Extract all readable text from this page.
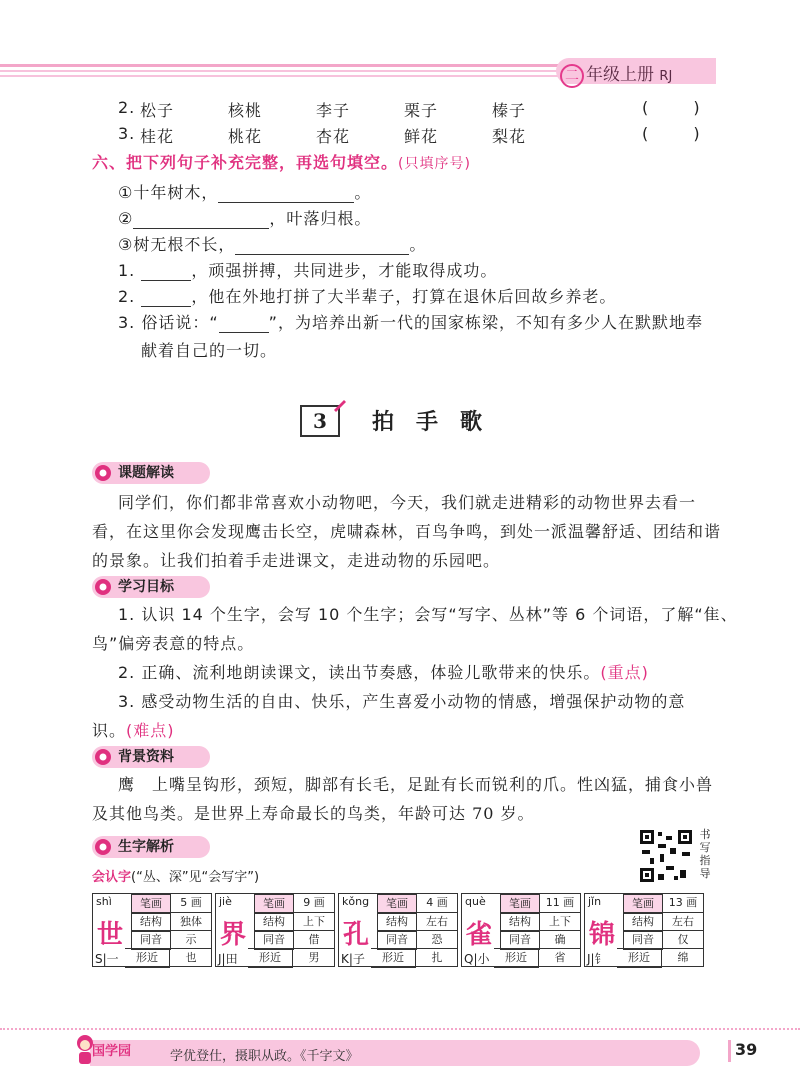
二 年级上册 RJ
2. 松子	核桃	李子	栗子	榛子	( )
3. 桂花	桃花	杏花	鲜花	梨花	( )
六、把下列句子补充完整，再选句填空。(只填序号)
①十年树木，	。
②	，叶落归根。
③树无根不长，	。
1.	，顽强拼搏，共同进步，才能取得成功。
2.	，他在外地打拼了大半辈子，打算在退休后回故乡养老。
3. 俗话说：“	”，为培养出新一代的国家栋梁，不知有多少人在默默地奉
献着自己的一切。
3	拍手歌
课题解读
同学们，你们都非常喜欢小动物吧，今天，我们就走进精彩的动物世界去看一
看，在这里你会发现鹰击长空，虎啸森林，百鸟争鸣，到处一派温馨舒适、团结和谐
的景象。让我们拍着手走进课文，走进动物的乐园吧。
学习目标
1. 认识 14 个生字，会写 10 个生字；会写“写字、丛林”等 6 个词语，了解“隹、
鸟”偏旁表意的特点。
2. 正确、流利地朗读课文，读出节奏感，体验儿歌带来的快乐。(重点)
3. 感受动物生活的自由、快乐，产生喜爱小动物的情感，增强保护动物的意
识。(难点)
背景资料
鹰　上嘴呈钩形，颈短，脚部有长毛，足趾有长而锐利的爪。性凶猛，捕食小兽
及其他鸟类。是世界上寿命最长的鸟类，年龄可达 70 岁。
生字解析
会认字(“丛、深”见“会写字”)
书写指导
shì
世
S|一
笔画	5 画
结构	独体
同音	示
形近	也
jiè
界
J|田
笔画	9 画
结构	上下
同音	借
形近	男
kǒng
孔
K|子
笔画	4 画
结构	左右
同音	恐
形近	扎
què
雀
Q|小
笔画	11 画
结构	上下
同音	确
形近	省
jǐn
锦
J|钅
笔画	13 画
结构	左右
同音	仅
形近	绵
国学园	学优登仕，摄职从政。《千字文》	39
